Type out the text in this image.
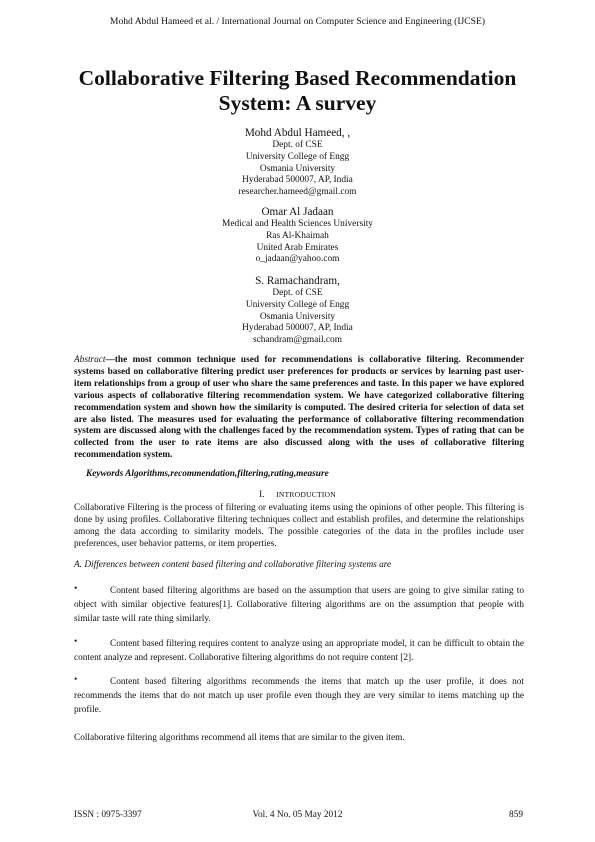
Mohd Abdul Hameed et al. / International Journal on Computer Science and Engineering (IJCSE)
Collaborative Filtering Based Recommendation
System: A survey
Mohd Abdul Hameed, ,
Dept. of CSE
University College of Engg
Osmania University
Hyderabad 500007, AP, India
researcher.hameed@gmail.com
Omar Al Jadaan
Medical and Health Sciences University
Ras Al-Khaimah
United Arab Emirates
o_jadaan@yahoo.com
S. Ramachandram,
Dept. of CSE
University College of Engg
Osmania University
Hyderabad 500007, AP, India
schandram@gmail.com
Abstract—the most common technique used for recommendations is collaborative filtering. Recommender systems based on collaborative filtering predict user preferences for products or services by learning past user-item relationships from a group of user who share the same preferences and taste. In this paper we have explored various aspects of collaborative filtering recommendation system. We have categorized collaborative filtering recommendation system and shown how the similarity is computed. The desired criteria for selection of data set are also listed. The measures used for evaluating the performance of collaborative filtering recommendation system are discussed along with the challenges faced by the recommendation system. Types of rating that can be collected from the user to rate items are also discussed along with the uses of collaborative filtering recommendation system.
Keywords Algorithms,recommendation,filtering,rating,measure
I. INTRODUCTION
Collaborative Filtering is the process of filtering or evaluating items using the opinions of other people. This filtering is done by using profiles. Collaborative filtering techniques collect and establish profiles, and determine the relationships among the data according to similarity models. The possible categories of the data in the profiles include user preferences, user behavior patterns, or item properties.
A. Differences between content based filtering and collaborative filtering systems are
•	Content based filtering algorithms are based on the assumption that users are going to give similar rating to object with similar objective features[1]. Collaborative filtering algorithms are on the assumption that people with similar taste will rate thing similarly.
•	Content based filtering requires content to analyze using an appropriate model, it can be difficult to obtain the content analyze and represent. Collaborative filtering algorithms do not require content [2].
•	Content based filtering algorithms recommends the items that match up the user profile, it does not recommends the items that do not match up user profile even though they are very similar to items matching up the profile.
Collaborative filtering algorithms recommend all items that are similar to the given item.
ISSN : 0975-3397	Vol. 4 No. 05 May 2012	859
